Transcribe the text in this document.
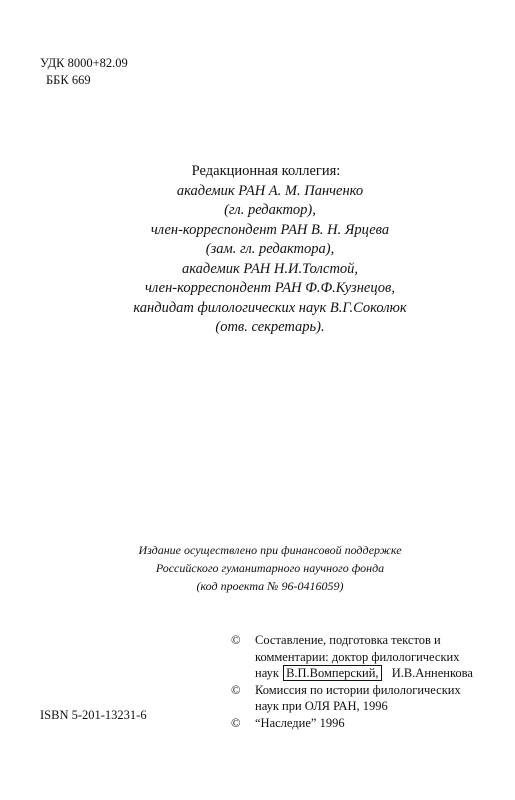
УДК 8000+82.09
ББК 669
Редакционная коллегия:
академик РАН А. М. Панченко
(гл. редактор),
член-корреспондент РАН В. Н. Ярцева
(зам. гл. редактора),
академик РАН Н.И.Толстой,
член-корреспондент РАН Ф.Ф.Кузнецов,
кандидат филологических наук В.Г.Соколюк
(отв. секретарь).
Издание осуществлено при финансовой поддержке
Российского гуманитарного научного фонда
(код проекта № 96-0416059)
© Составление, подготовка текстов и
комментарии: доктор филологических
наук В.П.Вомперский, И.В.Анненкова
© Комиссия по истории филологических
наук при ОЛЯ РАН, 1996
© “Наследие” 1996
ISBN 5-201-13231-6
